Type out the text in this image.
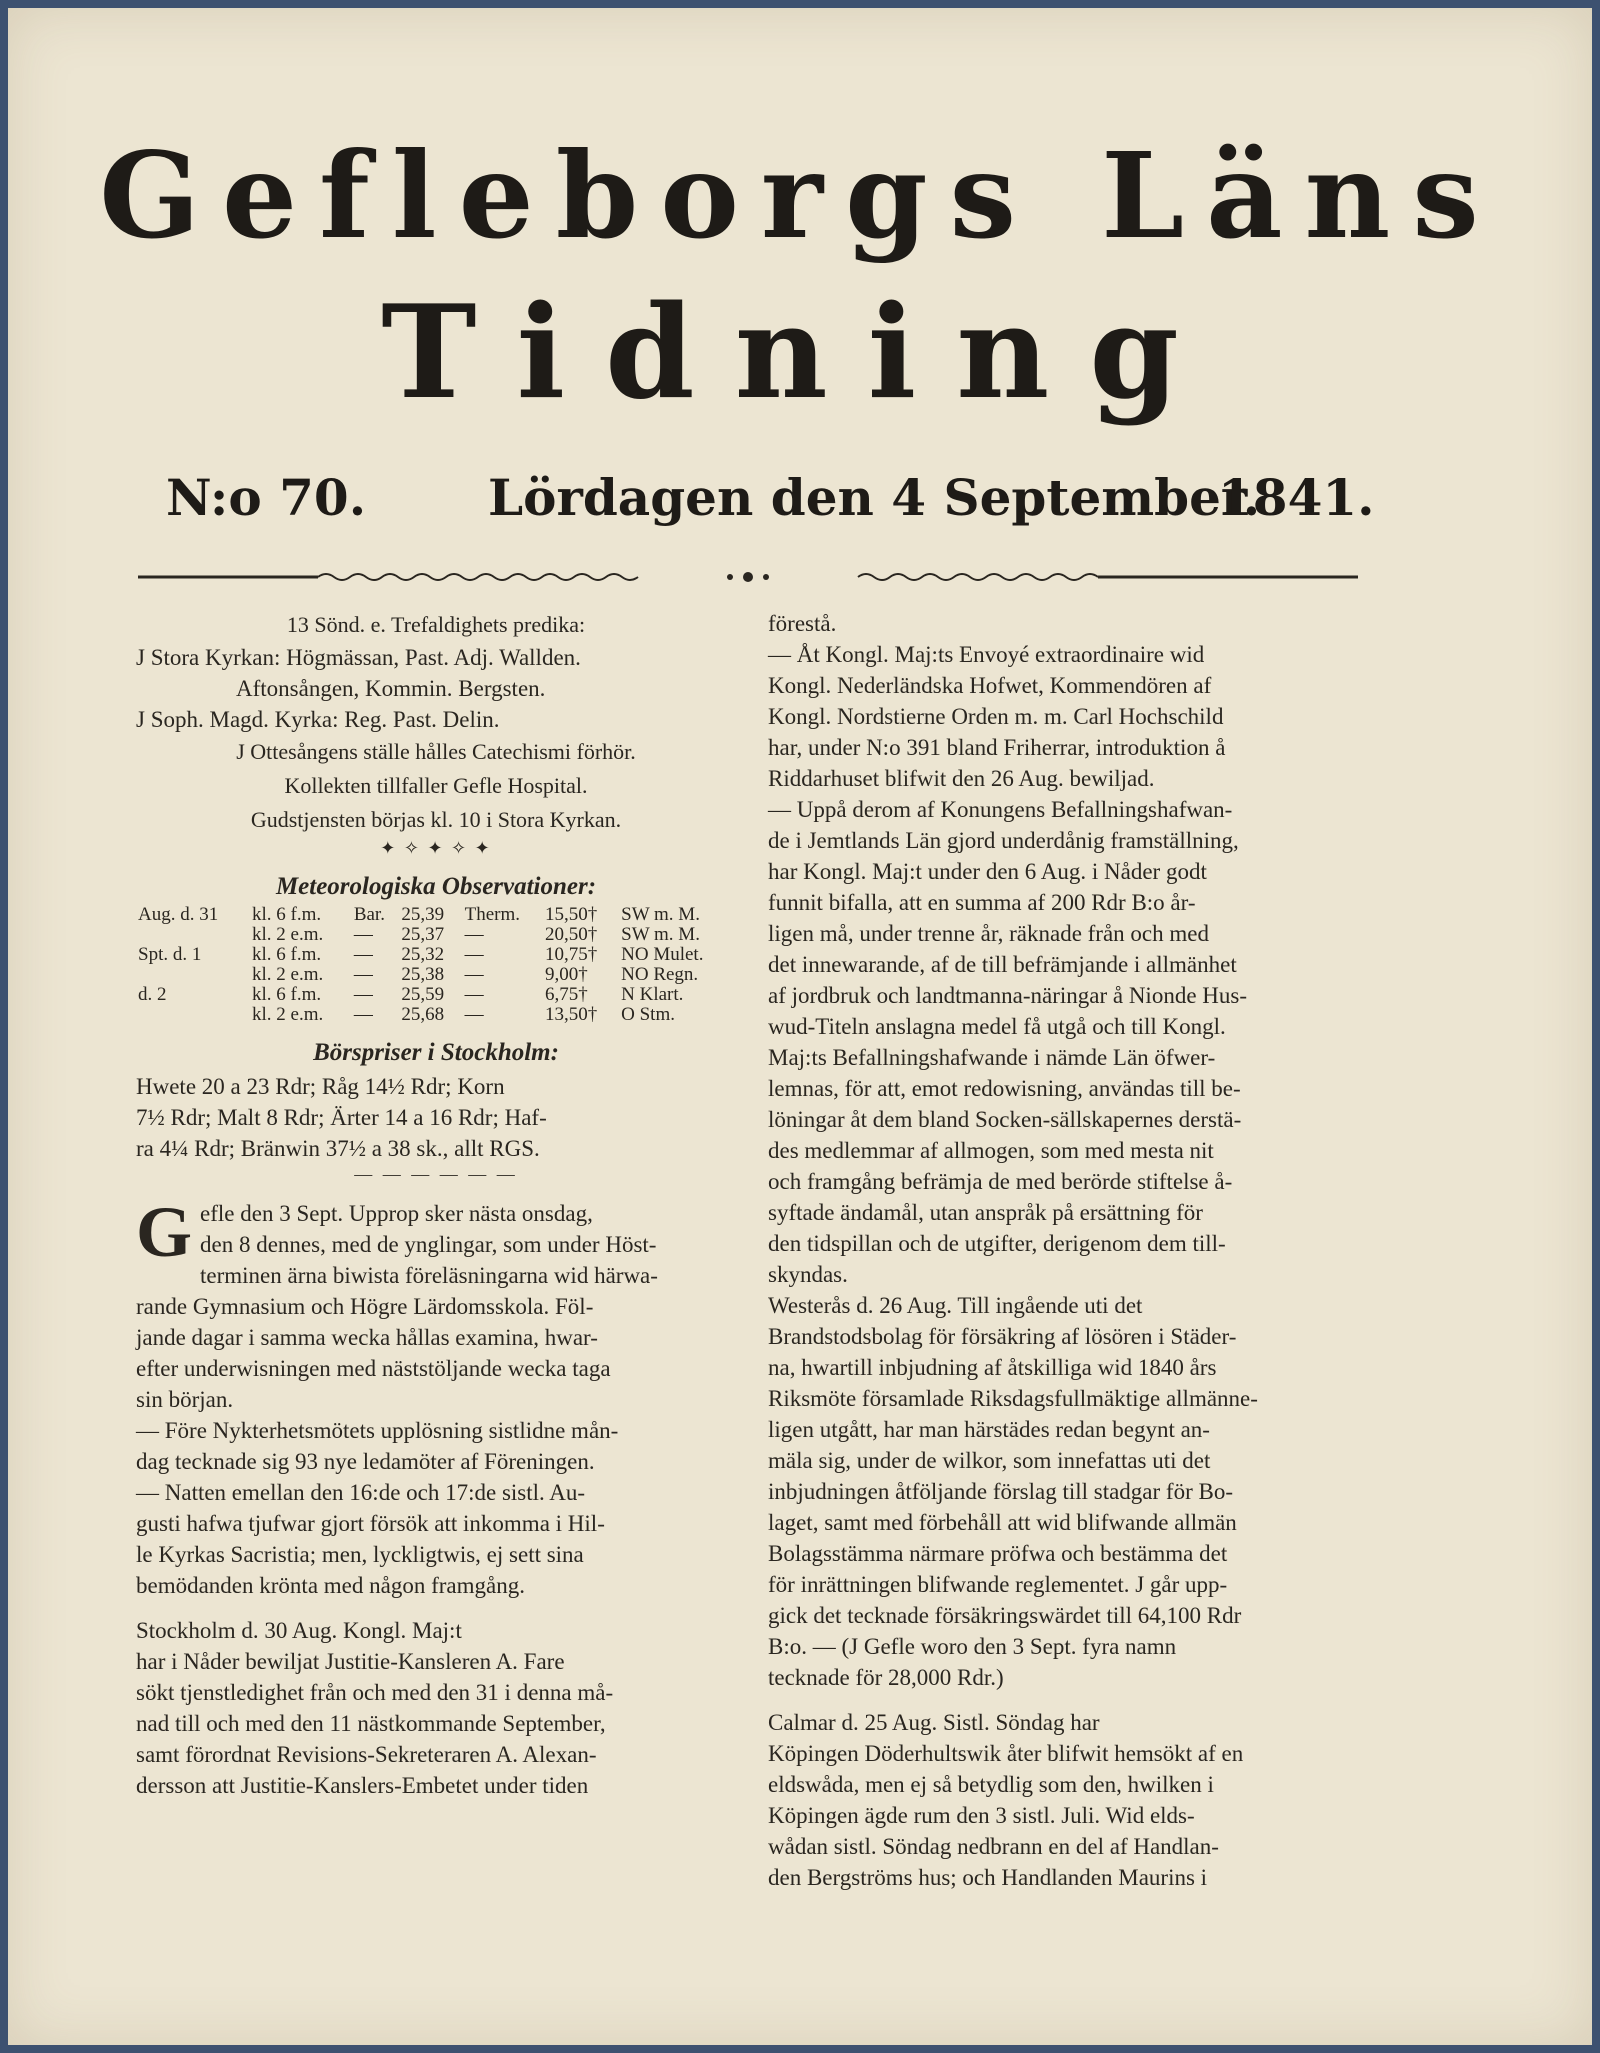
Gefleborgs Läns
Tidning
N:o 70. Lördagen den 4 September.
1841.
13 Sönd. e. Trefaldighets predika:
J Stora Kyrkan: Högmässan, Past. Adj. Wallden.
Aftonsången, Kommin. Bergsten.
J Soph. Magd. Kyrka: Reg. Past. Delin.
J Ottesångens ställe hålles Catechismi förhör.
Kollekten tillfaller Gefle Hospital.
Gudstjensten börjas kl. 10 i Stora Kyrkan.
✦ ✧ ✦ ✧ ✦
Meteorologiska Observationer:
Aug. d. 31	kl. 6 f.m.	Bar.	25,39	Therm.	15,50†	SW m. M.
	kl. 2 e.m.	—	25,37	—	20,50†	SW m. M.
Spt. d. 1	kl. 6 f.m.	—	25,32	—	10,75†	NO Mulet.
	kl. 2 e.m.	—	25,38	—	9,00†	NO Regn.
d. 2	kl. 6 f.m.	—	25,59	—	6,75†	N Klart.
	kl. 2 e.m.	—	25,68	—	13,50†	O Stm.
Börspriser i Stockholm:
Hwete 20 a 23 Rdr; Råg 14½ Rdr; Korn
7½ Rdr; Malt 8 Rdr; Ärter 14 a 16 Rdr; Haf-
ra 4¼ Rdr; Bränwin 37½ a 38 sk., allt RGS.
— — — — — —
G efle den 3 Sept. Upprop sker nästa onsdag,
den 8 dennes, med de ynglingar, som under Höst-
terminen ärna biwista föreläsningarna wid härwa-
rande Gymnasium och Högre Lärdomsskola. Föl-
jande dagar i samma wecka hållas examina, hwar-
efter underwisningen med näststöljande wecka taga
sin början.
— Före Nykterhetsmötets upplösning sistlidne mån-
dag tecknade sig 93 nye ledamöter af Föreningen.
— Natten emellan den 16:de och 17:de sistl. Au-
gusti hafwa tjufwar gjort försök att inkomma i Hil-
le Kyrkas Sacristia; men, lyckligtwis, ej sett sina
bemödanden krönta med någon framgång.
Stockholm d. 30 Aug. Kongl. Maj:t
har i Nåder bewiljat Justitie-Kansleren A. Fare
sökt tjenstledighet från och med den 31 i denna må-
nad till och med den 11 nästkommande September,
samt förordnat Revisions-Sekreteraren A. Alexan-
dersson att Justitie-Kanslers-Embetet under tiden
förestå.
— Åt Kongl. Maj:ts Envoyé extraordinaire wid
Kongl. Nederländska Hofwet, Kommendören af
Kongl. Nordstierne Orden m. m. Carl Hochschild
har, under N:o 391 bland Friherrar, introduktion å
Riddarhuset blifwit den 26 Aug. bewiljad.
— Uppå derom af Konungens Befallningshafwan-
de i Jemtlands Län gjord underdånig framställning,
har Kongl. Maj:t under den 6 Aug. i Nåder godt
funnit bifalla, att en summa af 200 Rdr B:o år-
ligen må, under trenne år, räknade från och med
det innewarande, af de till befrämjande i allmänhet
af jordbruk och landtmanna-näringar å Nionde Hus-
wud-Titeln anslagna medel få utgå och till Kongl.
Maj:ts Befallningshafwande i nämde Län öfwer-
lemnas, för att, emot redowisning, användas till be-
löningar åt dem bland Socken-sällskapernes derstä-
des medlemmar af allmogen, som med mesta nit
och framgång befrämja de med berörde stiftelse å-
syftade ändamål, utan anspråk på ersättning för
den tidspillan och de utgifter, derigenom dem till-
skyndas.
Westerås d. 26 Aug. Till ingående uti det
Brandstodsbolag för försäkring af lösören i Städer-
na, hwartill inbjudning af åtskilliga wid 1840 års
Riksmöte församlade Riksdagsfullmäktige allmänne-
ligen utgått, har man härstädes redan begynt an-
mäla sig, under de wilkor, som innefattas uti det
inbjudningen åtföljande förslag till stadgar för Bo-
laget, samt med förbehåll att wid blifwande allmän
Bolagsstämma närmare pröfwa och bestämma det
för inrättningen blifwande reglementet. J går upp-
gick det tecknade försäkringswärdet till 64,100 Rdr
B:o. — (J Gefle woro den 3 Sept. fyra namn
tecknade för 28,000 Rdr.)
Calmar d. 25 Aug. Sistl. Söndag har
Köpingen Döderhultswik åter blifwit hemsökt af en
eldswåda, men ej så betydlig som den, hwilken i
Köpingen ägde rum den 3 sistl. Juli. Wid elds-
wådan sistl. Söndag nedbrann en del af Handlan-
den Bergströms hus; och Handlanden Maurins i
